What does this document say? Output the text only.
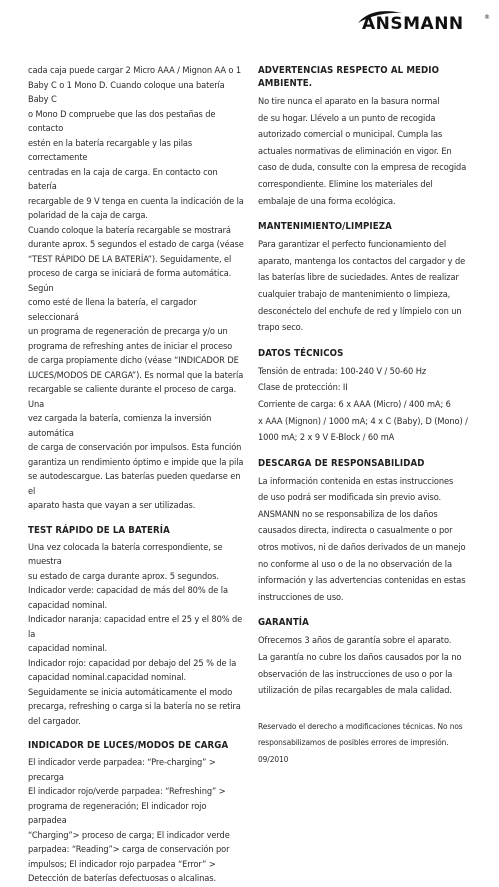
ANSMANN	®

cada caja puede cargar 2 Micro AAA / Mignon AA o 1
Baby C o 1 Mono D. Cuando coloque una batería Baby C
o Mono D compruebe que las dos pestañas de contacto
estén en la batería recargable y las pilas correctamente
centradas en la caja de carga. En contacto con batería
recargable de 9 V tenga en cuenta la indicación de la
polaridad de la caja de carga.
Cuando coloque la batería recargable se mostrará
durante aprox. 5 segundos el estado de carga (véase
“TEST RÁPIDO DE LA BATERÍA”). Seguidamente, el
proceso de carga se iniciará de forma automática. Según
como esté de llena la batería, el cargador seleccionará
un programa de regeneración de precarga y/o un
programa de refreshing antes de iniciar el proceso
de carga propiamente dicho (véase “INDICADOR DE
LUCES/MODOS DE CARGA”). Es normal que la batería
recargable se caliente durante el proceso de carga. Una
vez cargada la batería, comienza la inversión automática
de carga de conservación por impulsos. Esta función
garantiza un rendimiento óptimo e impide que la pila
se autodescargue. Las baterías pueden quedarse en el
aparato hasta que vayan a ser utilizadas.

TEST RÁPIDO DE LA BATERÍA

Una vez colocada la batería correspondiente, se muestra
su estado de carga durante aprox. 5 segundos.
Indicador verde: capacidad de más del 80% de la
capacidad nominal.
Indicador naranja: capacidad entre el 25 y el 80% de la
capacidad nominal.
Indicador rojo: capacidad por debajo del 25 % de la
capacidad nominal.capacidad nominal.
Seguidamente se inicia automáticamente el modo
precarga, refreshing o carga si la batería no se retira
del cargador.

INDICADOR DE LUCES/MODOS DE CARGA

El indicador verde parpadea: “Pre-charging” > precarga
El indicador rojo/verde parpadea: “Refreshing” >
programa de regeneración; El indicador rojo parpadea
“Charging”> proceso de carga; El indicador verde
parpadea: “Reading”> carga de conservación por
impulsos; El indicador rojo parpadea “Error” >
Detección de baterías defectuosas o alcalinas.

ADVERTENCIAS RESPECTO AL MEDIO AMBIENTE.

No tire nunca el aparato en la basura normal
de su hogar. Llévelo a un punto de recogida
autorizado comercial o municipal. Cumpla las
actuales normativas de eliminación en vigor. En
caso de duda, consulte con la empresa de recogida
correspondiente. Elimine los materiales del
embalaje de una forma ecológica.

MANTENIMIENTO/LIMPIEZA

Para garantizar el perfecto funcionamiento del
aparato, mantenga los contactos del cargador y de
las baterías libre de suciedades. Antes de realizar
cualquier trabajo de mantenimiento o limpieza,
desconéctelo del enchufe de red y límpielo con un
trapo seco.

DATOS TÉCNICOS

Tensión de entrada: 100-240 V / 50-60 Hz
Clase de protección: II
Corriente de carga: 6 x AAA (Micro) / 400 mA; 6
x AAA (Mignon) / 1000 mA; 4 x C (Baby), D (Mono) /
1000 mA; 2 x 9 V E-Block / 60 mA

DESCARGA DE RESPONSABILIDAD

La información contenida en estas instrucciones
de uso podrá ser modificada sin previo aviso.
ANSMANN no se responsabiliza de los daños
causados directa, indirecta o casualmente o por
otros motivos, ni de daños derivados de un manejo
no conforme al uso o de la no observación de la
información y las advertencias contenidas en estas
instrucciones de uso.

GARANTÍA

Ofrecemos 3 años de garantía sobre el aparato.
La garantía no cubre los daños causados por la no
observación de las instrucciones de uso o por la
utilización de pilas recargables de mala calidad.

Reservado el derecho a modificaciones técnicas. No nos
responsabilizamos de posibles errores de impresión. 09/2010
